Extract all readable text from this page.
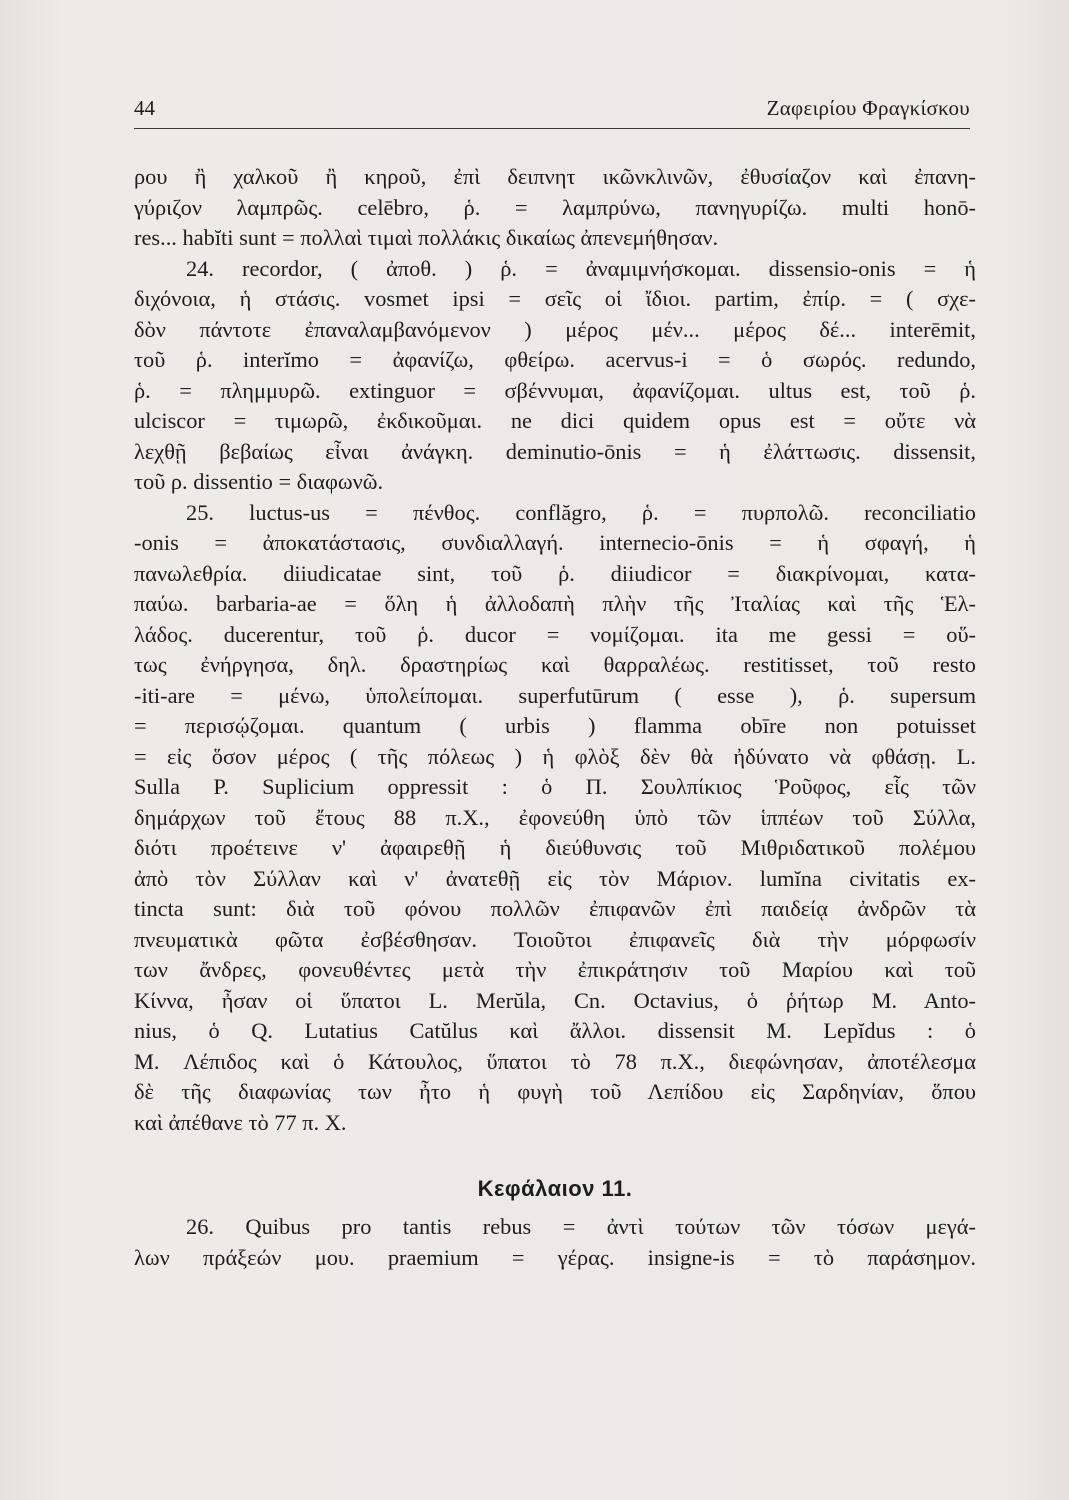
44	Ζαφειρίου Φραγκίσκου
ρου ἢ χαλκοῦ ἢ κηροῦ, ἐπὶ δειπνητ ικῶνκλινῶν, ἐθυσίαζον καὶ ἐπανη-
γύριζον λαμπρῶς. celēbro, ῥ. = λαμπρύνω, πανηγυρίζω. multi honō-
res... habĭti sunt = πολλαὶ τιμαὶ πολλάκις δικαίως ἀπενεμήθησαν.
24. recordor, ( ἀποθ. ) ῥ. = ἀναμιμνήσκομαι. dissensio-onis = ἡ
διχόνοια, ἡ στάσις. vosmet ipsi = σεῖς οἱ ἴδιοι. partim, ἐπίρ. = ( σχε-
δὸν πάντοτε ἐπαναλαμβανόμενον ) μέρος μέν... μέρος δέ... interēmit,
τοῦ ῥ. interĭmo = ἀφανίζω, φθείρω. acervus-i = ὁ σωρός. redundo,
ῥ. = πλημμυρῶ. extinguor = σβέννυμαι, ἀφανίζομαι. ultus est, τοῦ ῥ.
ulciscor = τιμωρῶ, ἐκδικοῦμαι. ne dici quidem opus est = οὔτε νὰ
λεχθῇ βεβαίως εἶναι ἀνάγκη. deminutio-ōnis = ἡ ἐλάττωσις. dissensit,
τοῦ ρ. dissentio = διαφωνῶ.
25. luctus-us = πένθος. conflăgro, ῥ. = πυρπολῶ. reconciliatio
-onis = ἀποκατάστασις, συνδιαλλαγή. internecio-ōnis = ἡ σφαγή, ἡ
πανωλεθρία. diiudicatae sint, τοῦ ῥ. diiudicor = διακρίνομαι, κατα-
παύω. barbaria-ae = ὅλη ἡ ἀλλοδαπὴ πλὴν τῆς Ἰταλίας καὶ τῆς Ἑλ-
λάδος. ducerentur, τοῦ ῥ. ducor = νομίζομαι. ita me gessi = οὕ-
τως ἐνήργησα, δηλ. δραστηρίως καὶ θαρραλέως. restitisset, τοῦ resto
-iti-are = μένω, ὑπολείπομαι. superfutūrum ( esse ), ῥ. supersum
= περισῴζομαι. quantum ( urbis ) flamma obīre non potuisset
= εἰς ὅσον μέρος ( τῆς πόλεως ) ἡ φλὸξ δὲν θὰ ἠδύνατο νὰ φθάσῃ. L.
Sulla P. Suplicium oppressit : ὁ Π. Σουλπίκιος Ῥοῦφος, εἷς τῶν
δημάρχων τοῦ ἔτους 88 π.Χ., ἐφονεύθη ὑπὸ τῶν ἱππέων τοῦ Σύλλα,
διότι προέτεινε ν' ἀφαιρεθῇ ἡ διεύθυνσις τοῦ Μιθριδατικοῦ πολέμου
ἀπὸ τὸν Σύλλαν καὶ ν' ἀνατεθῇ εἰς τὸν Μάριον. lumĭna civitatis ex-
tincta sunt: διὰ τοῦ φόνου πολλῶν ἐπιφανῶν ἐπὶ παιδείᾳ ἀνδρῶν τὰ
πνευματικὰ φῶτα ἐσβέσθησαν. Τοιοῦτοι ἐπιφανεῖς διὰ τὴν μόρφωσίν
των ἄνδρες, φονευθέντες μετὰ τὴν ἐπικράτησιν τοῦ Μαρίου καὶ τοῦ
Κίννα, ἦσαν οἱ ὕπατοι L. Merŭla, Cn. Octavius, ὁ ῥήτωρ M. Anto-
nius, ὁ Q. Lutatius Catŭlus καὶ ἄλλοι. dissensit M. Lepĭdus : ὁ
M. Λέπιδος καὶ ὁ Κάτουλος, ὕπατοι τὸ 78 π.Χ., διεφώνησαν, ἀποτέλεσμα
δὲ τῆς διαφωνίας των ἦτο ἡ φυγὴ τοῦ Λεπίδου εἰς Σαρδηνίαν, ὅπου
καὶ ἀπέθανε τὸ 77 π. Χ.
Κεφάλαιον 11.
26. Quibus pro tantis rebus = ἀντὶ τούτων τῶν τόσων μεγά-
λων πράξεών μου. praemium = γέρας. insigne-is = τὸ παράσημον.
